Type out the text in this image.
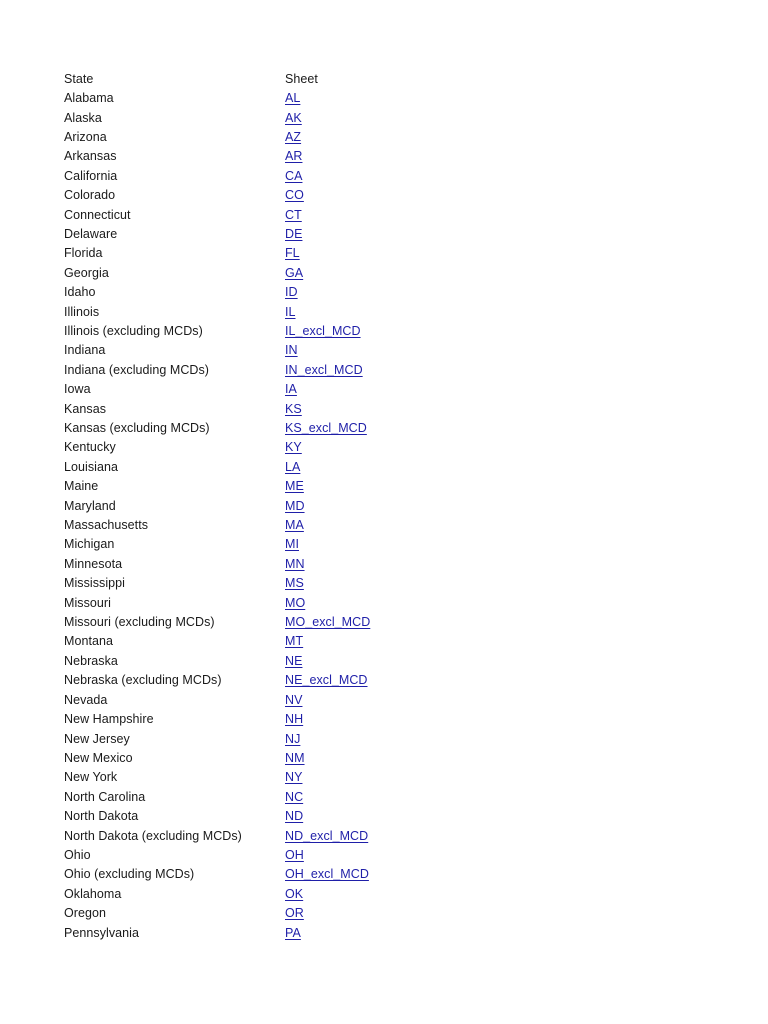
State	Sheet
Alabama	AL
Alaska	AK
Arizona	AZ
Arkansas	AR
California	CA
Colorado	CO
Connecticut	CT
Delaware	DE
Florida	FL
Georgia	GA
Idaho	ID
Illinois	IL
Illinois (excluding MCDs)	IL_excl_MCD
Indiana	IN
Indiana (excluding MCDs)	IN_excl_MCD
Iowa	IA
Kansas	KS
Kansas (excluding MCDs)	KS_excl_MCD
Kentucky	KY
Louisiana	LA
Maine	ME
Maryland	MD
Massachusetts	MA
Michigan	MI
Minnesota	MN
Mississippi	MS
Missouri	MO
Missouri (excluding MCDs)	MO_excl_MCD
Montana	MT
Nebraska	NE
Nebraska (excluding MCDs)	NE_excl_MCD
Nevada	NV
New Hampshire	NH
New Jersey	NJ
New Mexico	NM
New York	NY
North Carolina	NC
North Dakota	ND
North Dakota (excluding MCDs)	ND_excl_MCD
Ohio	OH
Ohio (excluding MCDs)	OH_excl_MCD
Oklahoma	OK
Oregon	OR
Pennsylvania	PA
